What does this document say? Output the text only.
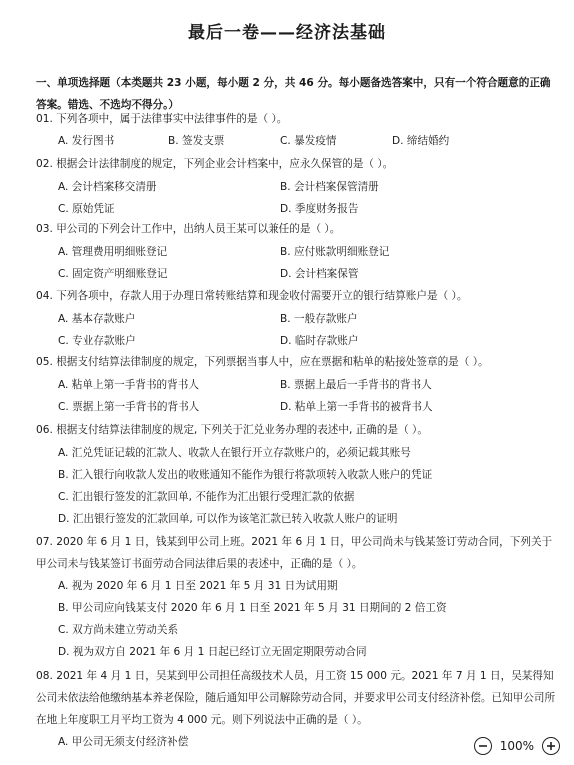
最后一卷——经济法基础
一、单项选择题（本类题共 23 小题，每小题 2 分，共 46 分。每小题备选答案中，只有一个符合题意的正确答案。错选、不选均不得分。）
01. 下列各项中，属于法律事实中法律事件的是（ ）。
A. 发行图书	B. 签发支票	C. 暴发疫情	D. 缔结婚约
02. 根据会计法律制度的规定，下列企业会计档案中，应永久保管的是（ ）。
A. 会计档案移交清册	B. 会计档案保管清册
C. 原始凭证	D. 季度财务报告
03. 甲公司的下列会计工作中，出纳人员王某可以兼任的是（ ）。
A. 管理费用明细账登记	B. 应付账款明细账登记
C. 固定资产明细账登记	D. 会计档案保管
04. 下列各项中，存款人用于办理日常转账结算和现金收付需要开立的银行结算账户是（ ）。
A. 基本存款账户	B. 一般存款账户
C. 专业存款账户	D. 临时存款账户
05. 根据支付结算法律制度的规定，下列票据当事人中，应在票据和粘单的粘接处签章的是（ ）。
A. 粘单上第一手背书的背书人	B. 票据上最后一手背书的背书人
C. 票据上第一手背书的背书人	D. 粘单上第一手背书的被背书人
06. 根据支付结算法律制度的规定, 下列关于汇兑业务办理的表述中, 正确的是（ ）。
A. 汇兑凭证记载的汇款人、收款人在银行开立存款账户的，必须记载其账号
B. 汇入银行向收款人发出的收账通知不能作为银行将款项转入收款人账户的凭证
C. 汇出银行签发的汇款回单, 不能作为汇出银行受理汇款的依据
D. 汇出银行签发的汇款回单, 可以作为该笔汇款已转入收款人账户的证明
07. 2020 年 6 月 1 日，钱某到甲公司上班。2021 年 6 月 1 日，甲公司尚未与钱某签订劳动合同，下列关于甲公司未与钱某签订书面劳动合同法律后果的表述中，正确的是（ ）。
A. 视为 2020 年 6 月 1 日至 2021 年 5 月 31 日为试用期
B. 甲公司应向钱某支付 2020 年 6 月 1 日至 2021 年 5 月 31 日期间的 2 倍工资
C. 双方尚未建立劳动关系
D. 视为双方自 2021 年 6 月 1 日起已经订立无固定期限劳动合同
08. 2021 年 4 月 1 日，吴某到甲公司担任高级技术人员，月工资 15 000 元。2021 年 7 月 1 日，吴某得知公司未依法给他缴纳基本养老保险，随后通知甲公司解除劳动合同，并要求甲公司支付经济补偿。已知甲公司所在地上年度职工月平均工资为 4 000 元。则下列说法中正确的是（ ）。
A. 甲公司无须支付经济补偿	100%
